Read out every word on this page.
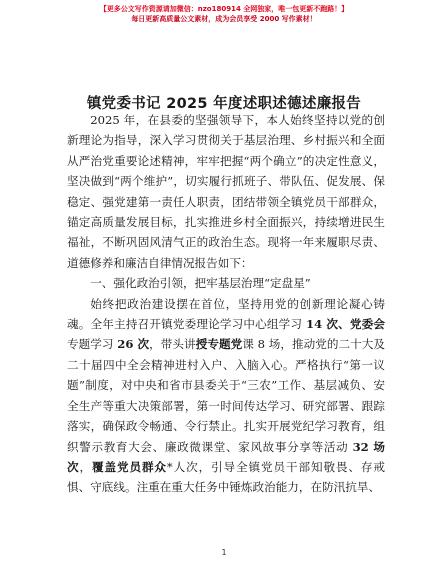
【更多公文写作资源请加微信：nzo180914 全网独家，唯一包更新不跑路！】
每日更新高质量公文素材，成为会员享受 2000 写作素材！
镇党委书记 2025 年度述职述德述廉报告

2025 年，在县委的坚强领导下，本人始终坚持以党的创新理论为指导，深入学习贯彻关于基层治理、乡村振兴和全面从严治党重要论述精神，牢牢把握“两个确立”的决定性意义，坚决做到“两个维护”，切实履行抓班子、带队伍、促发展、保稳定、强党建第一责任人职责，团结带领全镇党员干部群众，锚定高质量发展目标，扎实推进乡村全面振兴，持续增进民生福祉，不断巩固风清气正的政治生态。现将一年来履职尽责、道德修养和廉洁自律情况报告如下：

一、强化政治引领，把牢基层治理“定盘星”

始终把政治建设摆在首位，坚持用党的创新理论凝心铸魂。全年主持召开镇党委理论学习中心组学习 14 次、党委会专题学习 26 次，带头讲授专题党课 8 场，推动党的二十大及二十届四中全会精神进村入户、入脑入心。严格执行“第一议题”制度，对中央和省市县委关于“三农”工作、基层减负、安全生产等重大决策部署，第一时间传达学习、研究部署、跟踪落实，确保政令畅通、令行禁止。扎实开展党纪学习教育，组织警示教育大会、廉政微课堂、家风故事分享等活动 32 场次，覆盖党员群众*人次，引导全镇党员干部知敬畏、存戒惧、守底线。注重在重大任务中锤炼政治能力，在防汛抗旱、

1
